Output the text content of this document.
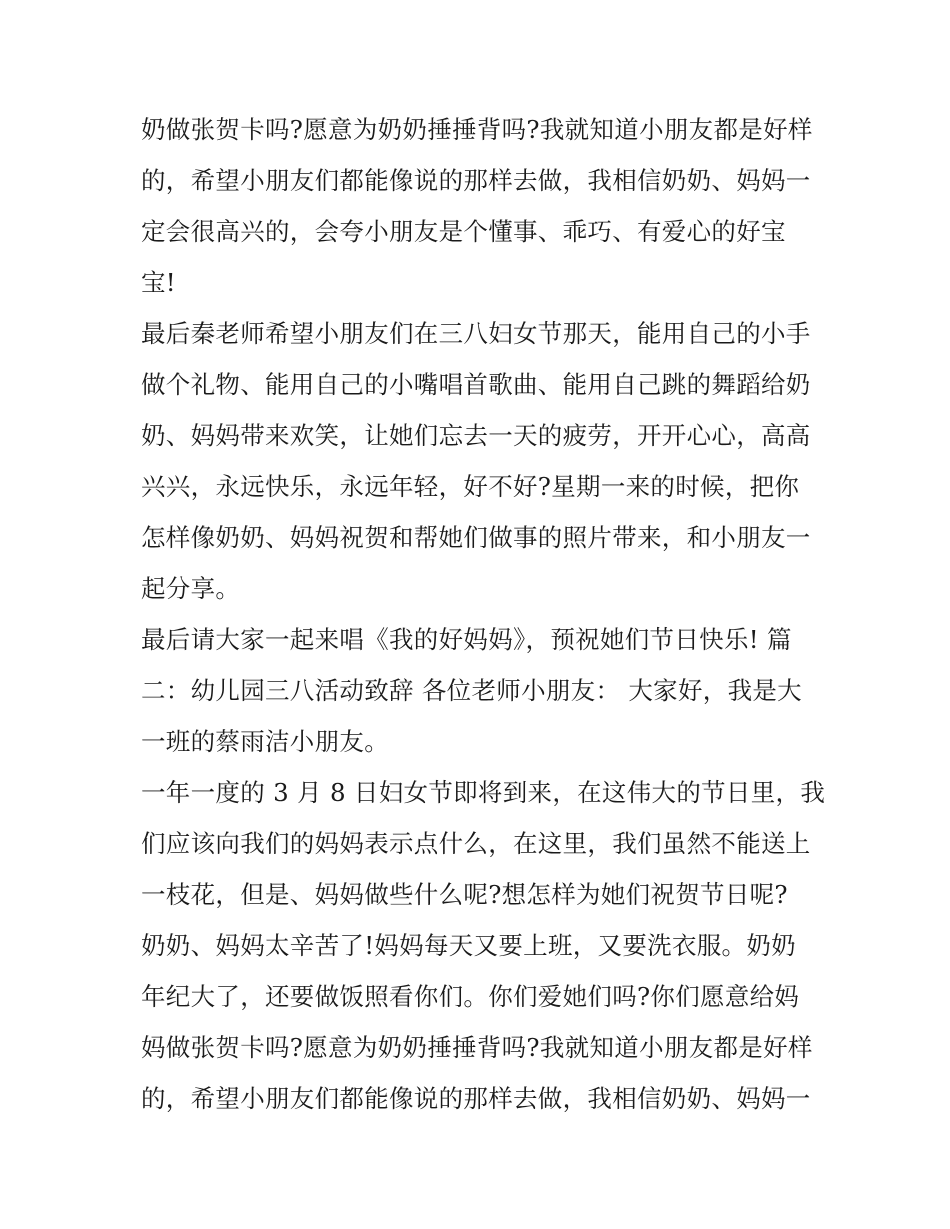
奶做张贺卡吗?愿意为奶奶捶捶背吗?我就知道小朋友都是好样
的，希望小朋友们都能像说的那样去做，我相信奶奶、妈妈一
定会很高兴的，会夸小朋友是个懂事、乖巧、有爱心的好宝
宝!
最后秦老师希望小朋友们在三八妇女节那天，能用自己的小手
做个礼物、能用自己的小嘴唱首歌曲、能用自己跳的舞蹈给奶
奶、妈妈带来欢笑，让她们忘去一天的疲劳，开开心心，高高
兴兴，永远快乐，永远年轻，好不好?星期一来的时候，把你
怎样像奶奶、妈妈祝贺和帮她们做事的照片带来，和小朋友一
起分享。
最后请大家一起来唱《我的好妈妈》，预祝她们节日快乐! 篇
二：幼儿园三八活动致辞 各位老师小朋友： 大家好，我是大
一班的蔡雨洁小朋友。
一年一度的 3 月 8 日妇女节即将到来，在这伟大的节日里，我
们应该向我们的妈妈表示点什么，在这里，我们虽然不能送上
一枝花，但是、妈妈做些什么呢?想怎样为她们祝贺节日呢?
奶奶、妈妈太辛苦了!妈妈每天又要上班，又要洗衣服。奶奶
年纪大了，还要做饭照看你们。你们爱她们吗?你们愿意给妈
妈做张贺卡吗?愿意为奶奶捶捶背吗?我就知道小朋友都是好样
的，希望小朋友们都能像说的那样去做，我相信奶奶、妈妈一
